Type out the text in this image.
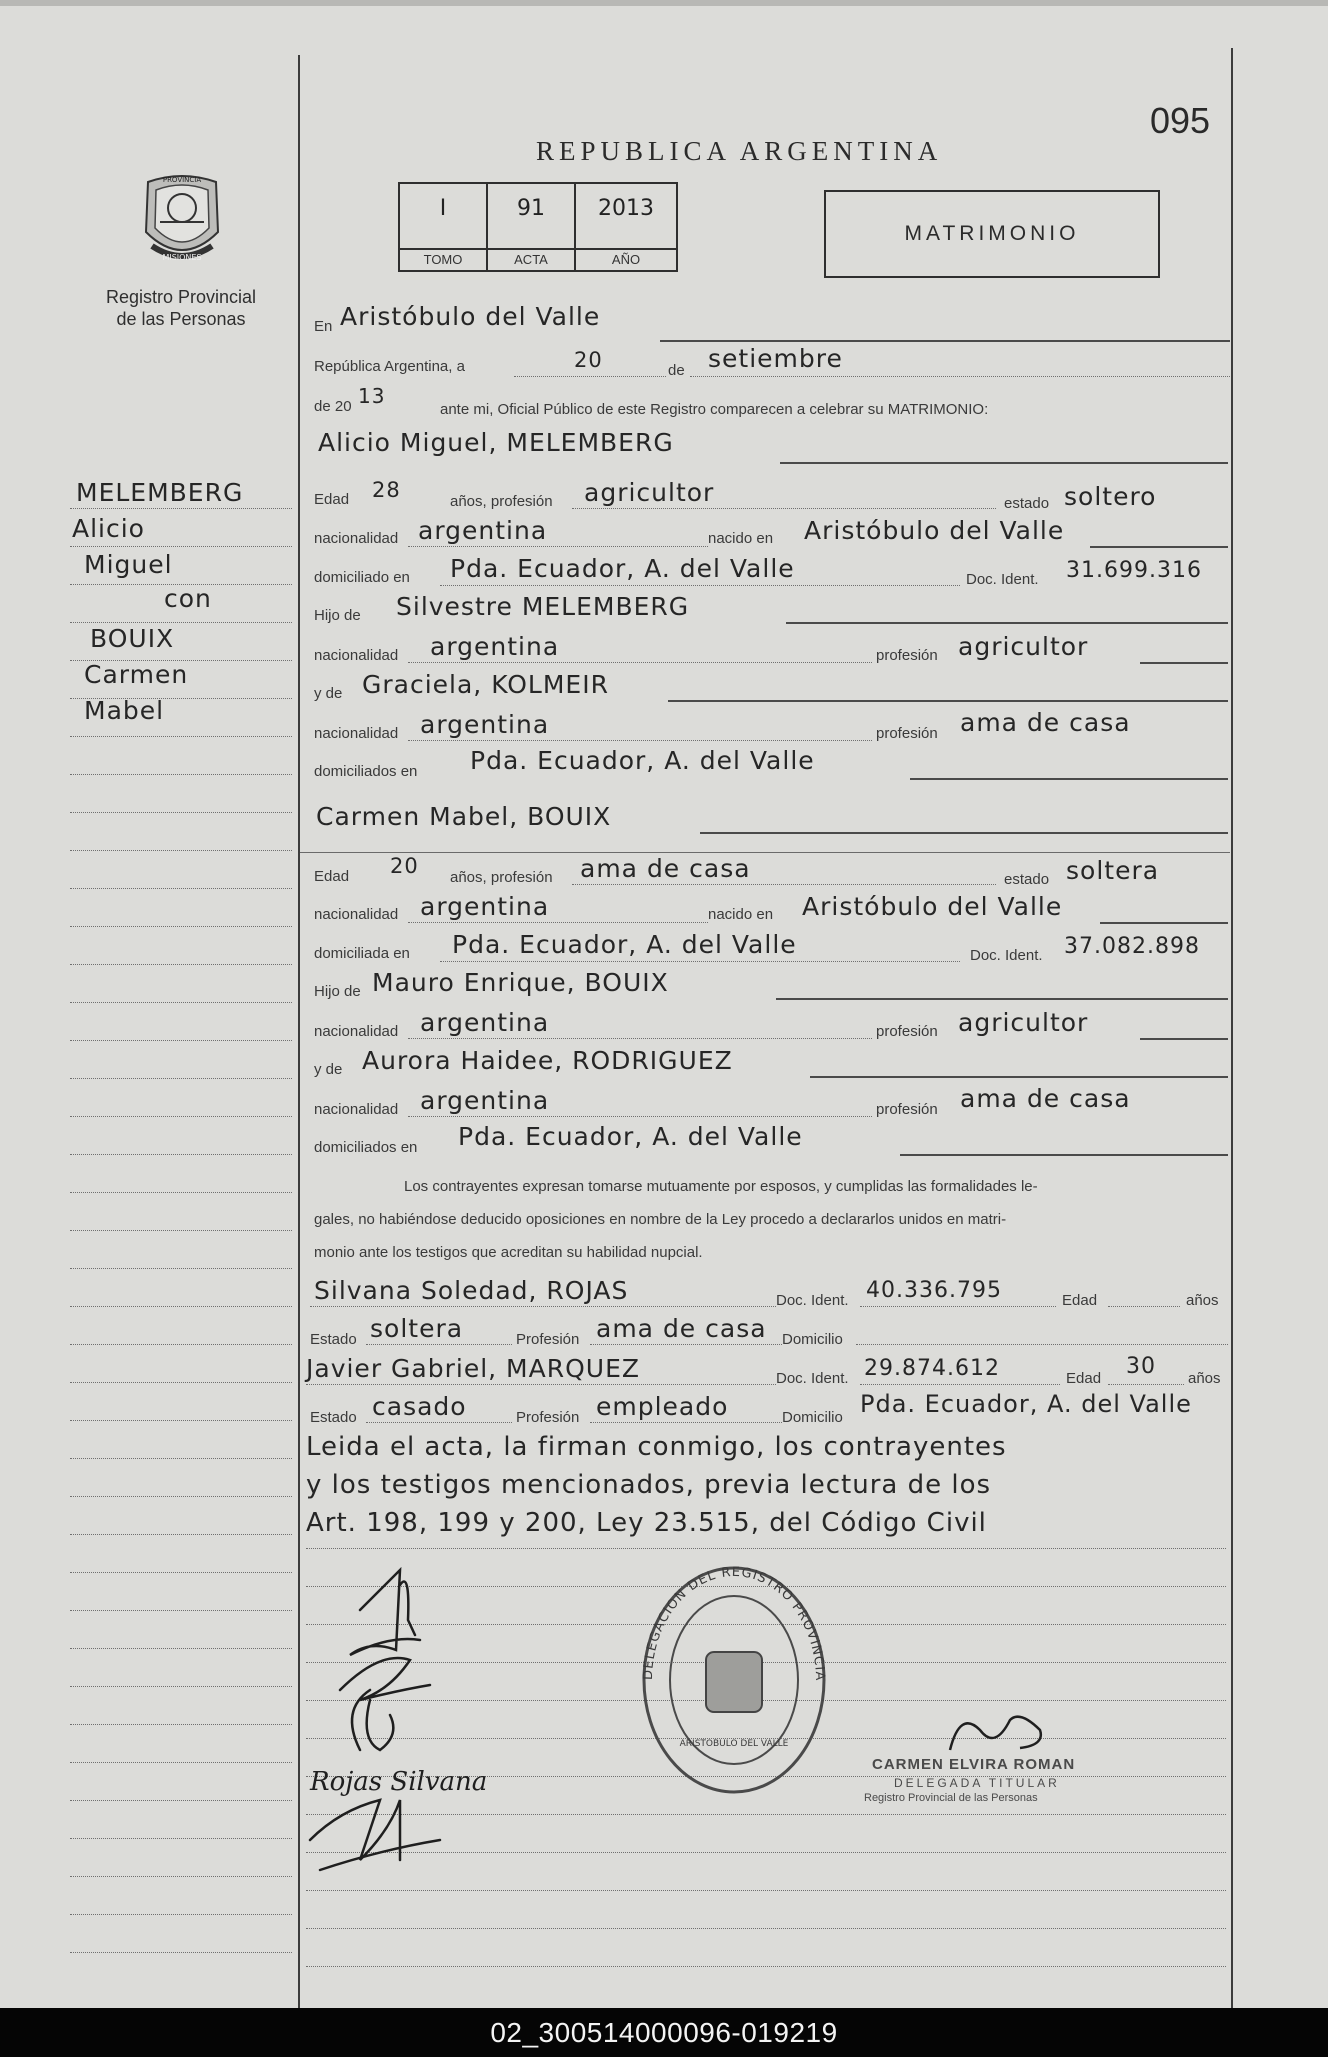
095
REPUBLICA ARGENTINA
PROVINCIA
MISIONES
Registro Provincial
de las Personas
I
TOMO
91
ACTA
2013
AÑO
MATRIMONIO
MELEMBERG
Alicio
Miguel
con
BOUIX
Carmen
Mabel
En Aristóbulo del Valle
República Argentina, a	20	de setiembre
de 20 13
ante mi, Oficial Público de este Registro comparecen a celebrar su MATRIMONIO:
Alicio Miguel, MELEMBERG
Edad 28	años, profesión agricultor	estado soltero
nacionalidad argentina	nacido en Aristóbulo del Valle
domiciliado en Pda. Ecuador, A. del Valle	Doc. Ident. 31.699.316
Hijo de Silvestre MELEMBERG
nacionalidad argentina	profesión agricultor
y de Graciela, KOLMEIR
nacionalidad argentina	profesión ama de casa
domiciliados en Pda. Ecuador, A. del Valle
Carmen Mabel, BOUIX
Edad 20 años, profesión ama de casa	estado soltera
nacionalidad argentina	nacido en Aristóbulo del Valle
domiciliada en Pda. Ecuador, A. del Valle	Doc. Ident. 37.082.898
Hijo de Mauro Enrique, BOUIX
nacionalidad argentina	profesión agricultor
y de Aurora Haidee, RODRIGUEZ
nacionalidad argentina	profesión ama de casa
domiciliados en Pda. Ecuador, A. del Valle
Los contrayentes expresan tomarse mutuamente por esposos, y cumplidas las formalidades le-
gales, no habiéndose deducido oposiciones en nombre de la Ley procedo a declararlos unidos en matri-
monio ante los testigos que acreditan su habilidad nupcial.
Silvana Soledad, ROJAS	Doc. Ident. 40.336.795	Edad	años
Estado soltera	Profesión ama de casa Domicilio
Javier Gabriel, MARQUEZ	Doc. Ident. 29.874.612	Edad 30 años
Estado casado	Profesión empleado	Domicilio Pda. Ecuador, A. del Valle
Leida el acta, la firman conmigo, los contrayentes
y los testigos mencionados, previa lectura de los
Art. 198, 199 y 200, Ley 23.515, del Código Civil
Rojas Silvana
DELEGACION DEL REGISTRO PROVINCIA
ARISTOBULO DEL VALLE
CARMEN ELVIRA ROMAN
DELEGADA TITULAR
Registro Provincial de las Personas
02_300514000096-019219
